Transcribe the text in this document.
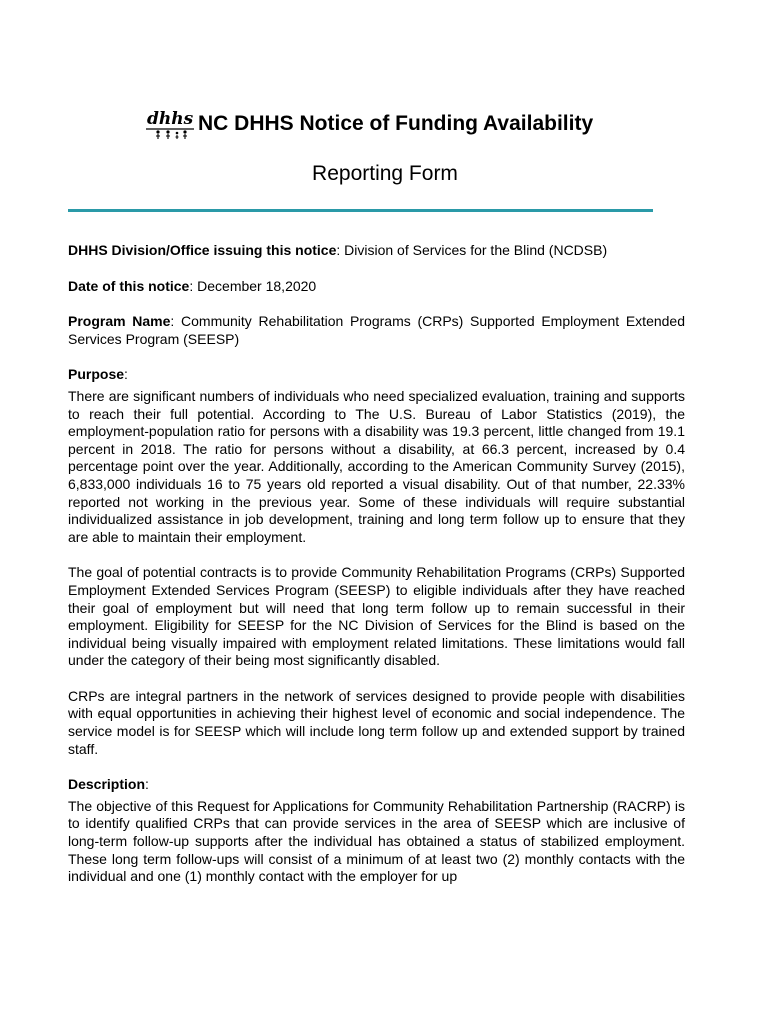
dhhs NC DHHS Notice of Funding Availability
Reporting Form

DHHS Division/Office issuing this notice: Division of Services for the Blind (NCDSB)

Date of this notice: December 18,2020

Program Name: Community Rehabilitation Programs (CRPs) Supported Employment Extended Services Program (SEESP)

Purpose:

There are significant numbers of individuals who need specialized evaluation, training and supports to reach their full potential. According to The U.S. Bureau of Labor Statistics (2019), the employment-population ratio for persons with a disability was 19.3 percent, little changed from 19.1 percent in 2018. The ratio for persons without a disability, at 66.3 percent, increased by 0.4 percentage point over the year. Additionally, according to the American Community Survey (2015), 6,833,000 individuals 16 to 75 years old reported a visual disability. Out of that number, 22.33% reported not working in the previous year. Some of these individuals will require substantial individualized assistance in job development, training and long term follow up to ensure that they are able to maintain their employment.

The goal of potential contracts is to provide Community Rehabilitation Programs (CRPs) Supported Employment Extended Services Program (SEESP) to eligible individuals after they have reached their goal of employment but will need that long term follow up to remain successful in their employment. Eligibility for SEESP for the NC Division of Services for the Blind is based on the individual being visually impaired with employment related limitations. These limitations would fall under the category of their being most significantly disabled.

CRPs are integral partners in the network of services designed to provide people with disabilities with equal opportunities in achieving their highest level of economic and social independence. The service model is for SEESP which will include long term follow up and extended support by trained staff.

Description:

The objective of this Request for Applications for Community Rehabilitation Partnership (RACRP) is to identify qualified CRPs that can provide services in the area of SEESP which are inclusive of long-term follow-up supports after the individual has obtained a status of stabilized employment. These long term follow-ups will consist of a minimum of at least two (2) monthly contacts with the individual and one (1) monthly contact with the employer for up
